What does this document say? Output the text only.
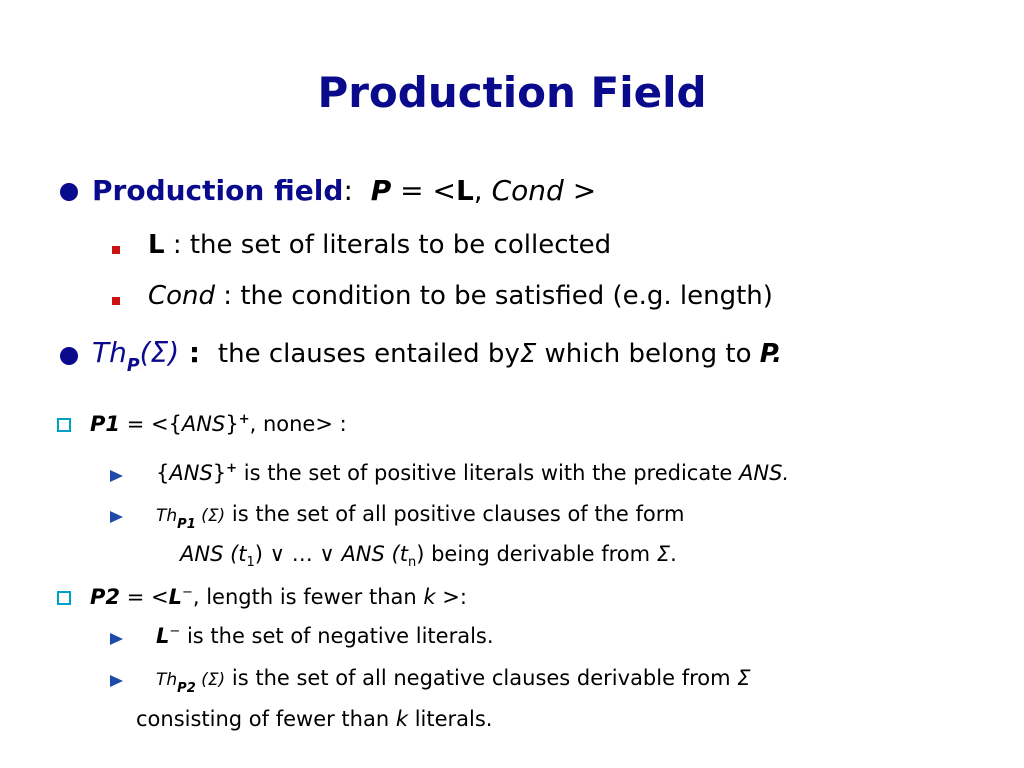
Production Field
Production field: P = <L, Cond >
L : the set of literals to be collected
Cond : the condition to be satisfied (e.g. length)
$Th_P(\Sigma)$ : the clauses entailed byΣ which belong to P.
P1 = <{ANS}+, none> :
{ANS}+ is the set of positive literals with the predicate ANS.
$Th_{P1}$ (Σ) is the set of all positive clauses of the form
ANS $(t_1)$ ∨ … ∨ ANS $(t_n)$ being derivable from Σ.
P2 = <L−, length is fewer than k >:
L− is the set of negative literals.
$Th_{P2}$ (Σ) is the set of all negative clauses derivable from Σ
consisting of fewer than k literals.
